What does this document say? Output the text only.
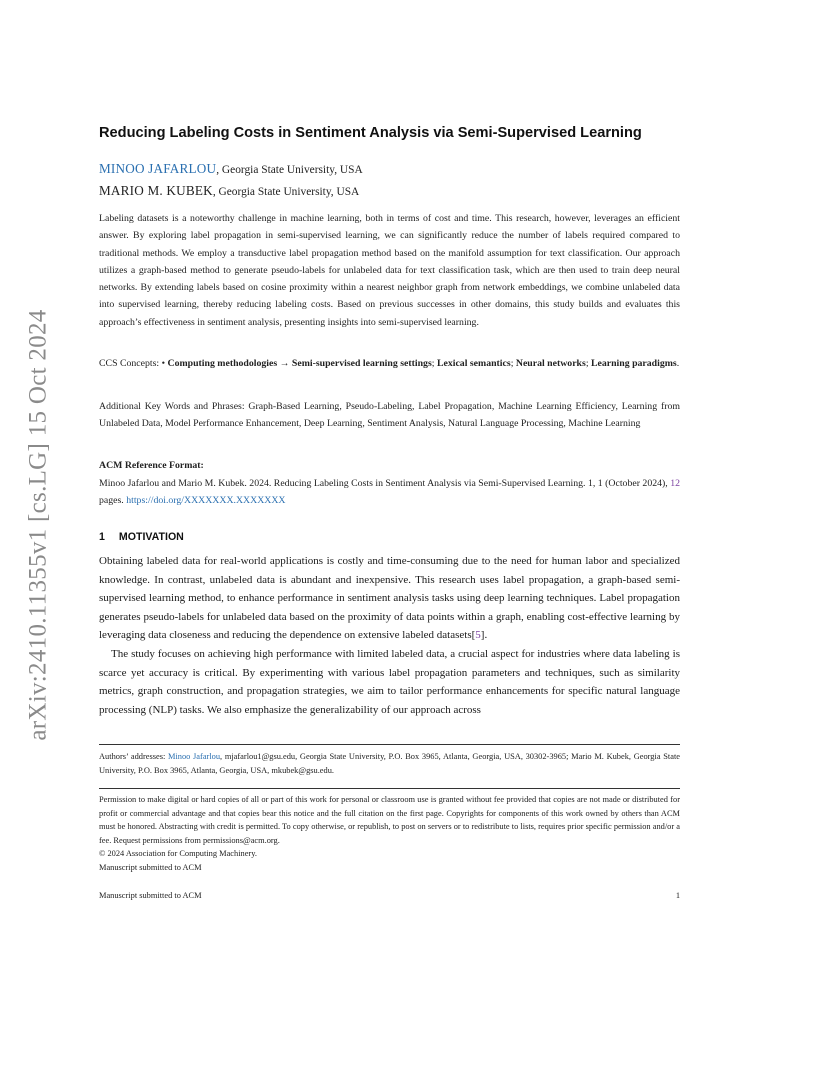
arXiv:2410.11355v1 [cs.LG] 15 Oct 2024
Reducing Labeling Costs in Sentiment Analysis via Semi-Supervised Learning
MINOO JAFARLOU, Georgia State University, USA
MARIO M. KUBEK, Georgia State University, USA
Labeling datasets is a noteworthy challenge in machine learning, both in terms of cost and time. This research, however, leverages an efficient answer. By exploring label propagation in semi-supervised learning, we can significantly reduce the number of labels required compared to traditional methods. We employ a transductive label propagation method based on the manifold assumption for text classification. Our approach utilizes a graph-based method to generate pseudo-labels for unlabeled data for text classification task, which are then used to train deep neural networks. By extending labels based on cosine proximity within a nearest neighbor graph from network embeddings, we combine unlabeled data into supervised learning, thereby reducing labeling costs. Based on previous successes in other domains, this study builds and evaluates this approach’s effectiveness in sentiment analysis, presenting insights into semi-supervised learning.
CCS Concepts: • Computing methodologies → Semi-supervised learning settings; Lexical semantics; Neural networks; Learning paradigms.
Additional Key Words and Phrases: Graph-Based Learning, Pseudo-Labeling, Label Propagation, Machine Learning Efficiency, Learning from Unlabeled Data, Model Performance Enhancement, Deep Learning, Sentiment Analysis, Natural Language Processing, Machine Learning
ACM Reference Format:
Minoo Jafarlou and Mario M. Kubek. 2024. Reducing Labeling Costs in Sentiment Analysis via Semi-Supervised Learning. 1, 1 (October 2024), 12 pages. https://doi.org/XXXXXXX.XXXXXXX
1 MOTIVATION

Obtaining labeled data for real-world applications is costly and time-consuming due to the need for human labor and specialized knowledge. In contrast, unlabeled data is abundant and inexpensive. This research uses label propagation, a graph-based semi-supervised learning method, to enhance performance in sentiment analysis tasks using deep learning techniques. Label propagation generates pseudo-labels for unlabeled data based on the proximity of data points within a graph, enabling cost-effective learning by leveraging data closeness and reducing the dependence on extensive labeled datasets[5].

The study focuses on achieving high performance with limited labeled data, a crucial aspect for industries where data labeling is scarce yet accuracy is critical. By experimenting with various label propagation parameters and techniques, such as similarity metrics, graph construction, and propagation strategies, we aim to tailor performance enhancements for specific natural language processing (NLP) tasks. We also emphasize the generalizability of our approach across

Authors’ addresses: Minoo Jafarlou, mjafarlou1@gsu.edu, Georgia State University, P.O. Box 3965, Atlanta, Georgia, USA, 30302-3965; Mario M. Kubek, Georgia State University, P.O. Box 3965, Atlanta, Georgia, USA, mkubek@gsu.edu.
Permission to make digital or hard copies of all or part of this work for personal or classroom use is granted without fee provided that copies are not made or distributed for profit or commercial advantage and that copies bear this notice and the full citation on the first page. Copyrights for components of this work owned by others than ACM must be honored. Abstracting with credit is permitted. To copy otherwise, or republish, to post on servers or to redistribute to lists, requires prior specific permission and/or a fee. Request permissions from permissions@acm.org.
© 2024 Association for Computing Machinery.
Manuscript submitted to ACM
Manuscript submitted to ACM	1
